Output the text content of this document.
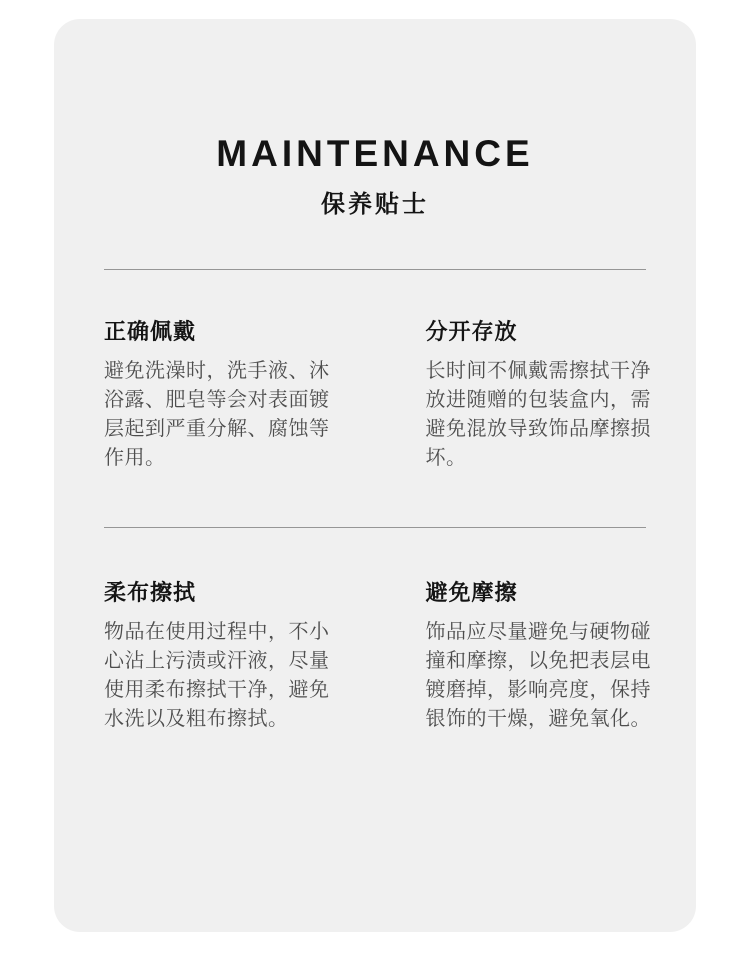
MAINTENANCE
保养贴士
正确佩戴
避免洗澡时，洗手液、沐
浴露、肥皂等会对表面镀
层起到严重分解、腐蚀等
作用。
分开存放
长时间不佩戴需擦拭干净
放进随赠的包装盒内，需
避免混放导致饰品摩擦损
坏。
柔布擦拭
物品在使用过程中，不小
心沾上污渍或汗液，尽量
使用柔布擦拭干净，避免
水洗以及粗布擦拭。
避免摩擦
饰品应尽量避免与硬物碰
撞和摩擦，以免把表层电
镀磨掉，影响亮度，保持
银饰的干燥，避免氧化。
